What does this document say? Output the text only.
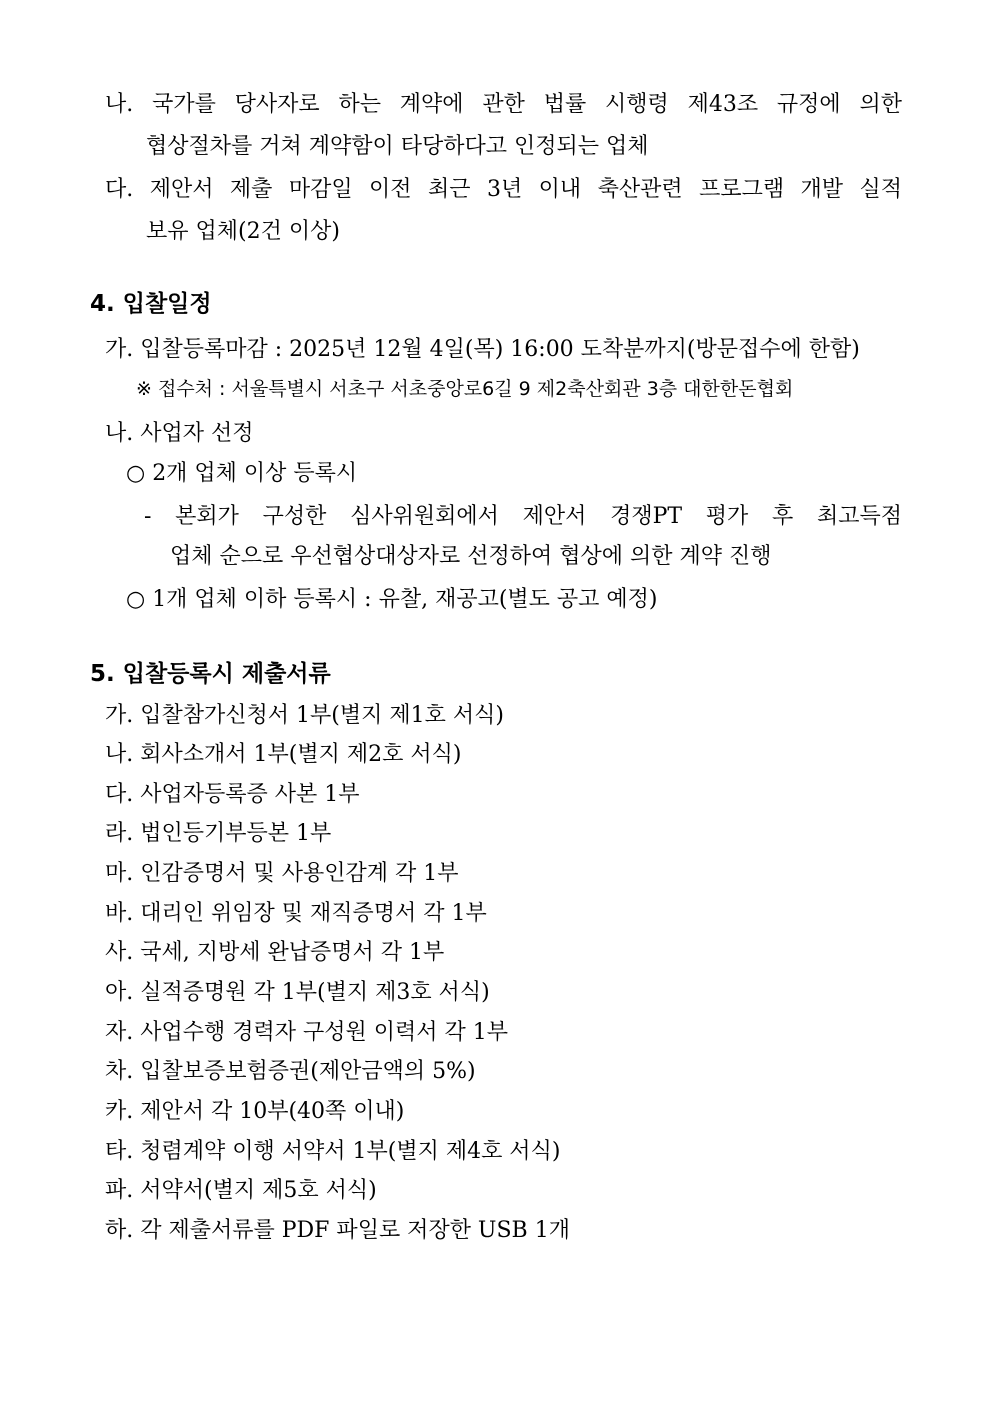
나. 국가를 당사자로 하는 계약에 관한 법률 시행령 제43조 규정에 의한
협상절차를 거쳐 계약함이 타당하다고 인정되는 업체
다. 제안서 제출 마감일 이전 최근 3년 이내 축산관련 프로그램 개발 실적
보유 업체(2건 이상)
4. 입찰일정
가. 입찰등록마감 : 2025년 12월 4일(목) 16:00 도착분까지(방문접수에 한함)
※ 접수처 : 서울특별시 서초구 서초중앙로6길 9 제2축산회관 3층 대한한돈협회
나. 사업자 선정
○ 2개 업체 이상 등록시
- 본회가 구성한 심사위원회에서 제안서 경쟁PT 평가 후 최고득점
업체 순으로 우선협상대상자로 선정하여 협상에 의한 계약 진행
○ 1개 업체 이하 등록시 : 유찰, 재공고(별도 공고 예정)
5. 입찰등록시 제출서류
가. 입찰참가신청서 1부(별지 제1호 서식)
나. 회사소개서 1부(별지 제2호 서식)
다. 사업자등록증 사본 1부
라. 법인등기부등본 1부
마. 인감증명서 및 사용인감계 각 1부
바. 대리인 위임장 및 재직증명서 각 1부
사. 국세, 지방세 완납증명서 각 1부
아. 실적증명원 각 1부(별지 제3호 서식)
자. 사업수행 경력자 구성원 이력서 각 1부
차. 입찰보증보험증권(제안금액의 5%)
카. 제안서 각 10부(40쪽 이내)
타. 청렴계약 이행 서약서 1부(별지 제4호 서식)
파. 서약서(별지 제5호 서식)
하. 각 제출서류를 PDF 파일로 저장한 USB 1개
